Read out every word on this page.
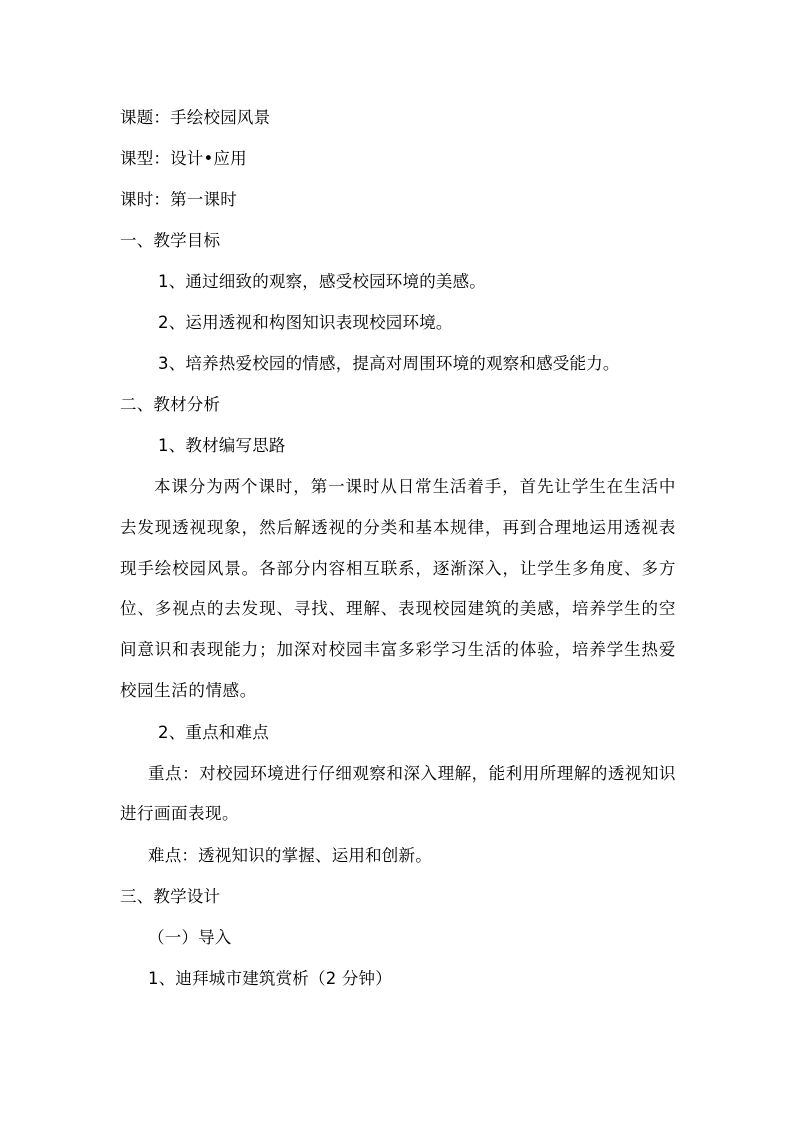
课题：手绘校园风景
课型：设计•应用
课时：第一课时
一、教学目标
1、通过细致的观察，感受校园环境的美感。
2、运用透视和构图知识表现校园环境。
3、培养热爱校园的情感，提高对周围环境的观察和感受能力。
二、教材分析
1、教材编写思路
本课分为两个课时，第一课时从日常生活着手，首先让学生在生活中去发现透视现象，然后解透视的分类和基本规律，再到合理地运用透视表现手绘校园风景。各部分内容相互联系，逐渐深入，让学生多角度、多方位、多视点的去发现、寻找、理解、表现校园建筑的美感，培养学生的空间意识和表现能力；加深对校园丰富多彩学习生活的体验，培养学生热爱校园生活的情感。
2、重点和难点
重点：对校园环境进行仔细观察和深入理解，能利用所理解的透视知识进行画面表现。
难点：透视知识的掌握、运用和创新。
三、教学设计
（一）导入
1、迪拜城市建筑赏析（2 分钟）
